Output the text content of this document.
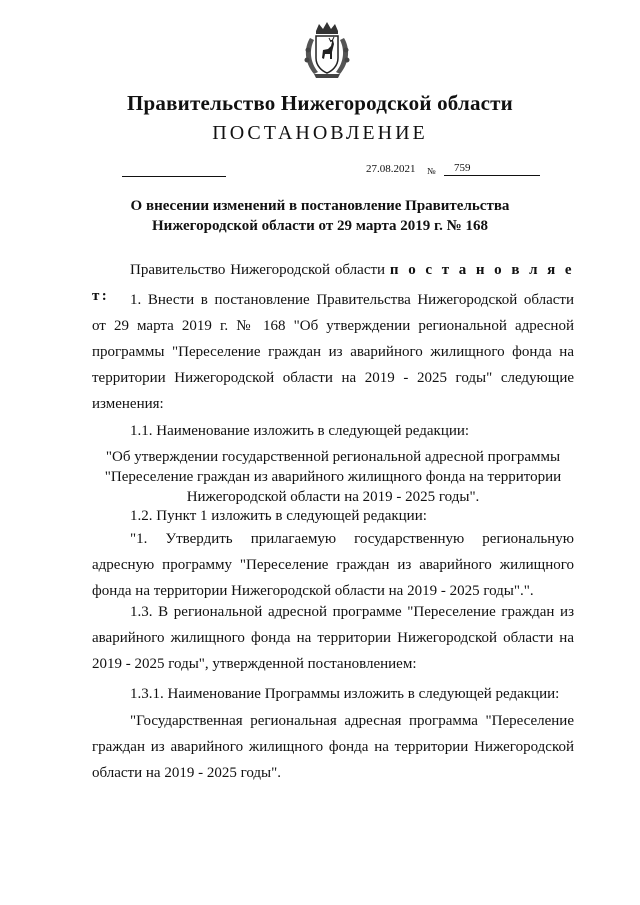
Правительство Нижегородской области
ПОСТАНОВЛЕНИЕ
27.08.2021 №	759
О внесении изменений в постановление Правительства
Нижегородской области от 29 марта 2019 г. № 168

Правительство Нижегородской области п о с т а н о в л я е т:	1. Внести в постановление Правительства Нижегородской области от 29 марта 2019 г. № 168 "Об утверждении региональной адресной программы "Переселение граждан из аварийного жилищного фонда на территории Нижегородской области на 2019 - 2025 годы" следующие изменения:

1.1. Наименование изложить в следующей редакции:

"Об утверждении государственной региональной адресной программы
"Переселение граждан из аварийного жилищного фонда на территории
Нижегородской области на 2019 - 2025 годы".

1.2. Пункт 1 изложить в следующей редакции:

"1. Утвердить прилагаемую государственную региональную адресную программу "Переселение граждан из аварийного жилищного фонда на территории Нижегородской области на 2019 - 2025 годы".".

1.3. В региональной адресной программе "Переселение граждан из аварийного жилищного фонда на территории Нижегородской области на 2019 - 2025 годы", утвержденной постановлением:

1.3.1. Наименование Программы изложить в следующей редакции:

"Государственная региональная адресная программа "Переселение граждан из аварийного жилищного фонда на территории Нижегородской области на 2019 - 2025 годы".
